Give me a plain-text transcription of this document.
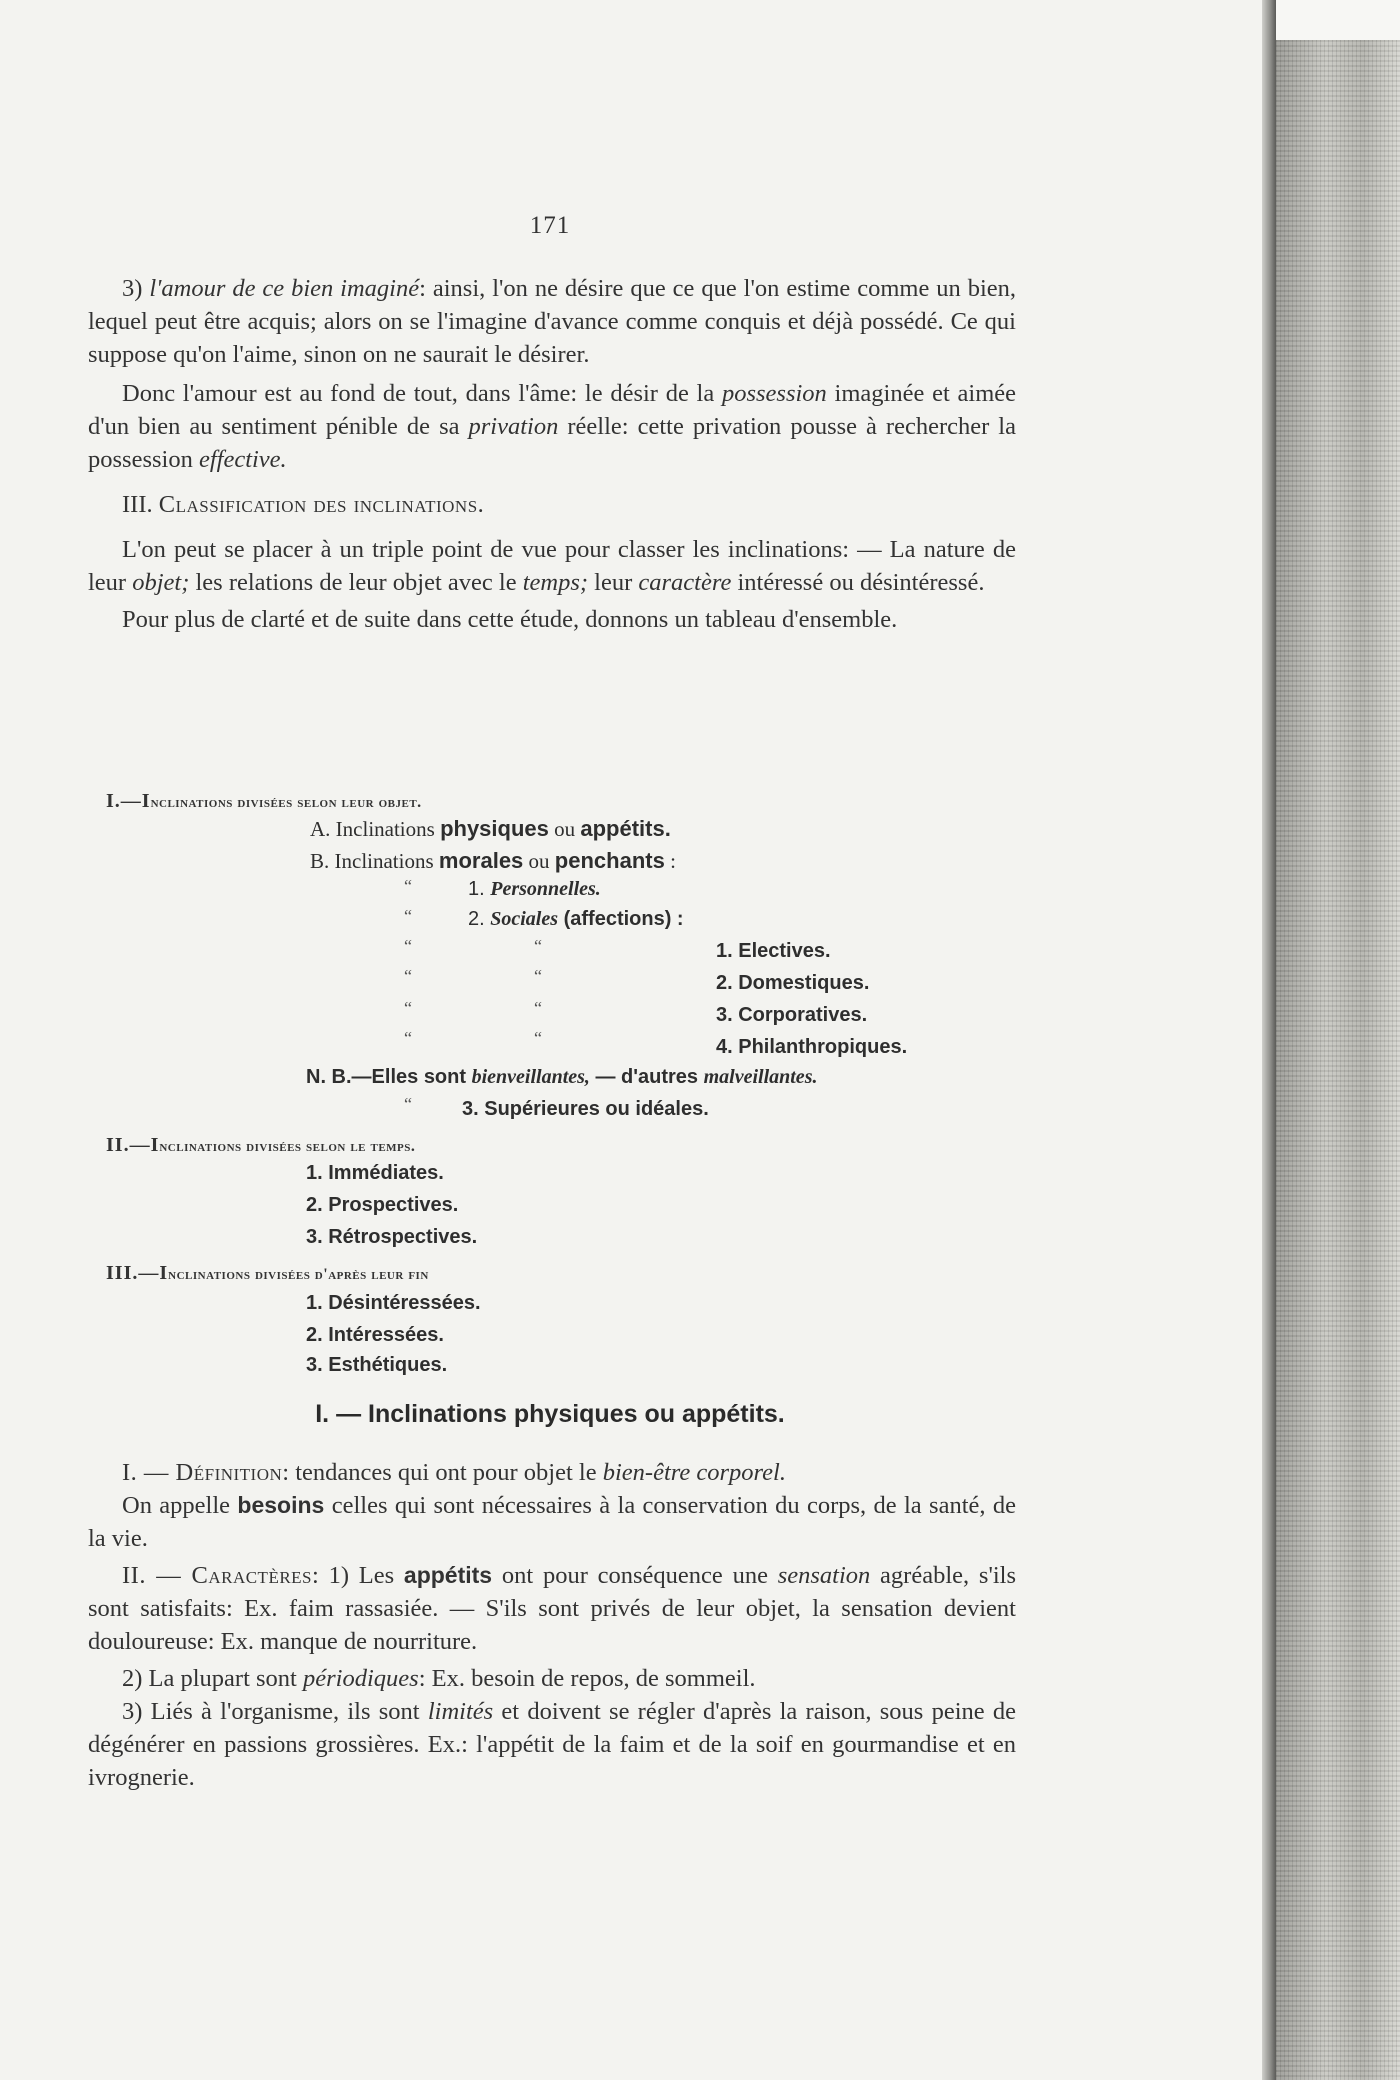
171

3) l'amour de ce bien imaginé: ainsi, l'on ne désire que ce que l'on estime comme un bien, lequel peut être acquis; alors on se l'imagine d'avance comme conquis et déjà possédé. Ce qui suppose qu'on l'aime, sinon on ne saurait le désirer.

Donc l'amour est au fond de tout, dans l'âme: le désir de la possession imaginée et aimée d'un bien au sentiment pénible de sa privation réelle: cette privation pousse à rechercher la possession effective.

III. Classification des inclinations.

L'on peut se placer à un triple point de vue pour classer les inclinations: — La nature de leur objet; les relations de leur objet avec le temps; leur caractère intéressé ou désintéressé.

Pour plus de clarté et de suite dans cette étude, donnons un tableau d'ensemble.

I.—Inclinations divisées selon leur objet.
A. Inclinations physiques ou appétits.
B. Inclinations morales ou penchants :
“	1. Personnelles.
“	2. Sociales (affections) :
“	“	1. Electives.
“	“	2. Domestiques.
“	“	3. Corporatives.
“	“	4. Philanthropiques.
N. B.—Elles sont bienveillantes, — d'autres malveillantes.
“	3. Supérieures ou idéales.
II.—Inclinations divisées selon le temps.
1. Immédiates.
2. Prospectives.
3. Rétrospectives.
III.—Inclinations divisées d'après leur fin
1. Désintéressées.
2. Intéressées.
3. Esthétiques.
I. — Inclinations physiques ou appétits.

I. — Définition: tendances qui ont pour objet le bien-être corporel.

On appelle besoins celles qui sont nécessaires à la conservation du corps, de la santé, de la vie.

II. — Caractères: 1) Les appétits ont pour conséquence une sensation agréable, s'ils sont satisfaits: Ex. faim rassasiée. — S'ils sont privés de leur objet, la sensation devient douloureuse: Ex. manque de nourriture.

2) La plupart sont périodiques: Ex. besoin de repos, de sommeil.

3) Liés à l'organisme, ils sont limités et doivent se régler d'après la raison, sous peine de dégénérer en passions grossières. Ex.: l'appétit de la faim et de la soif en gourmandise et en ivrognerie.
